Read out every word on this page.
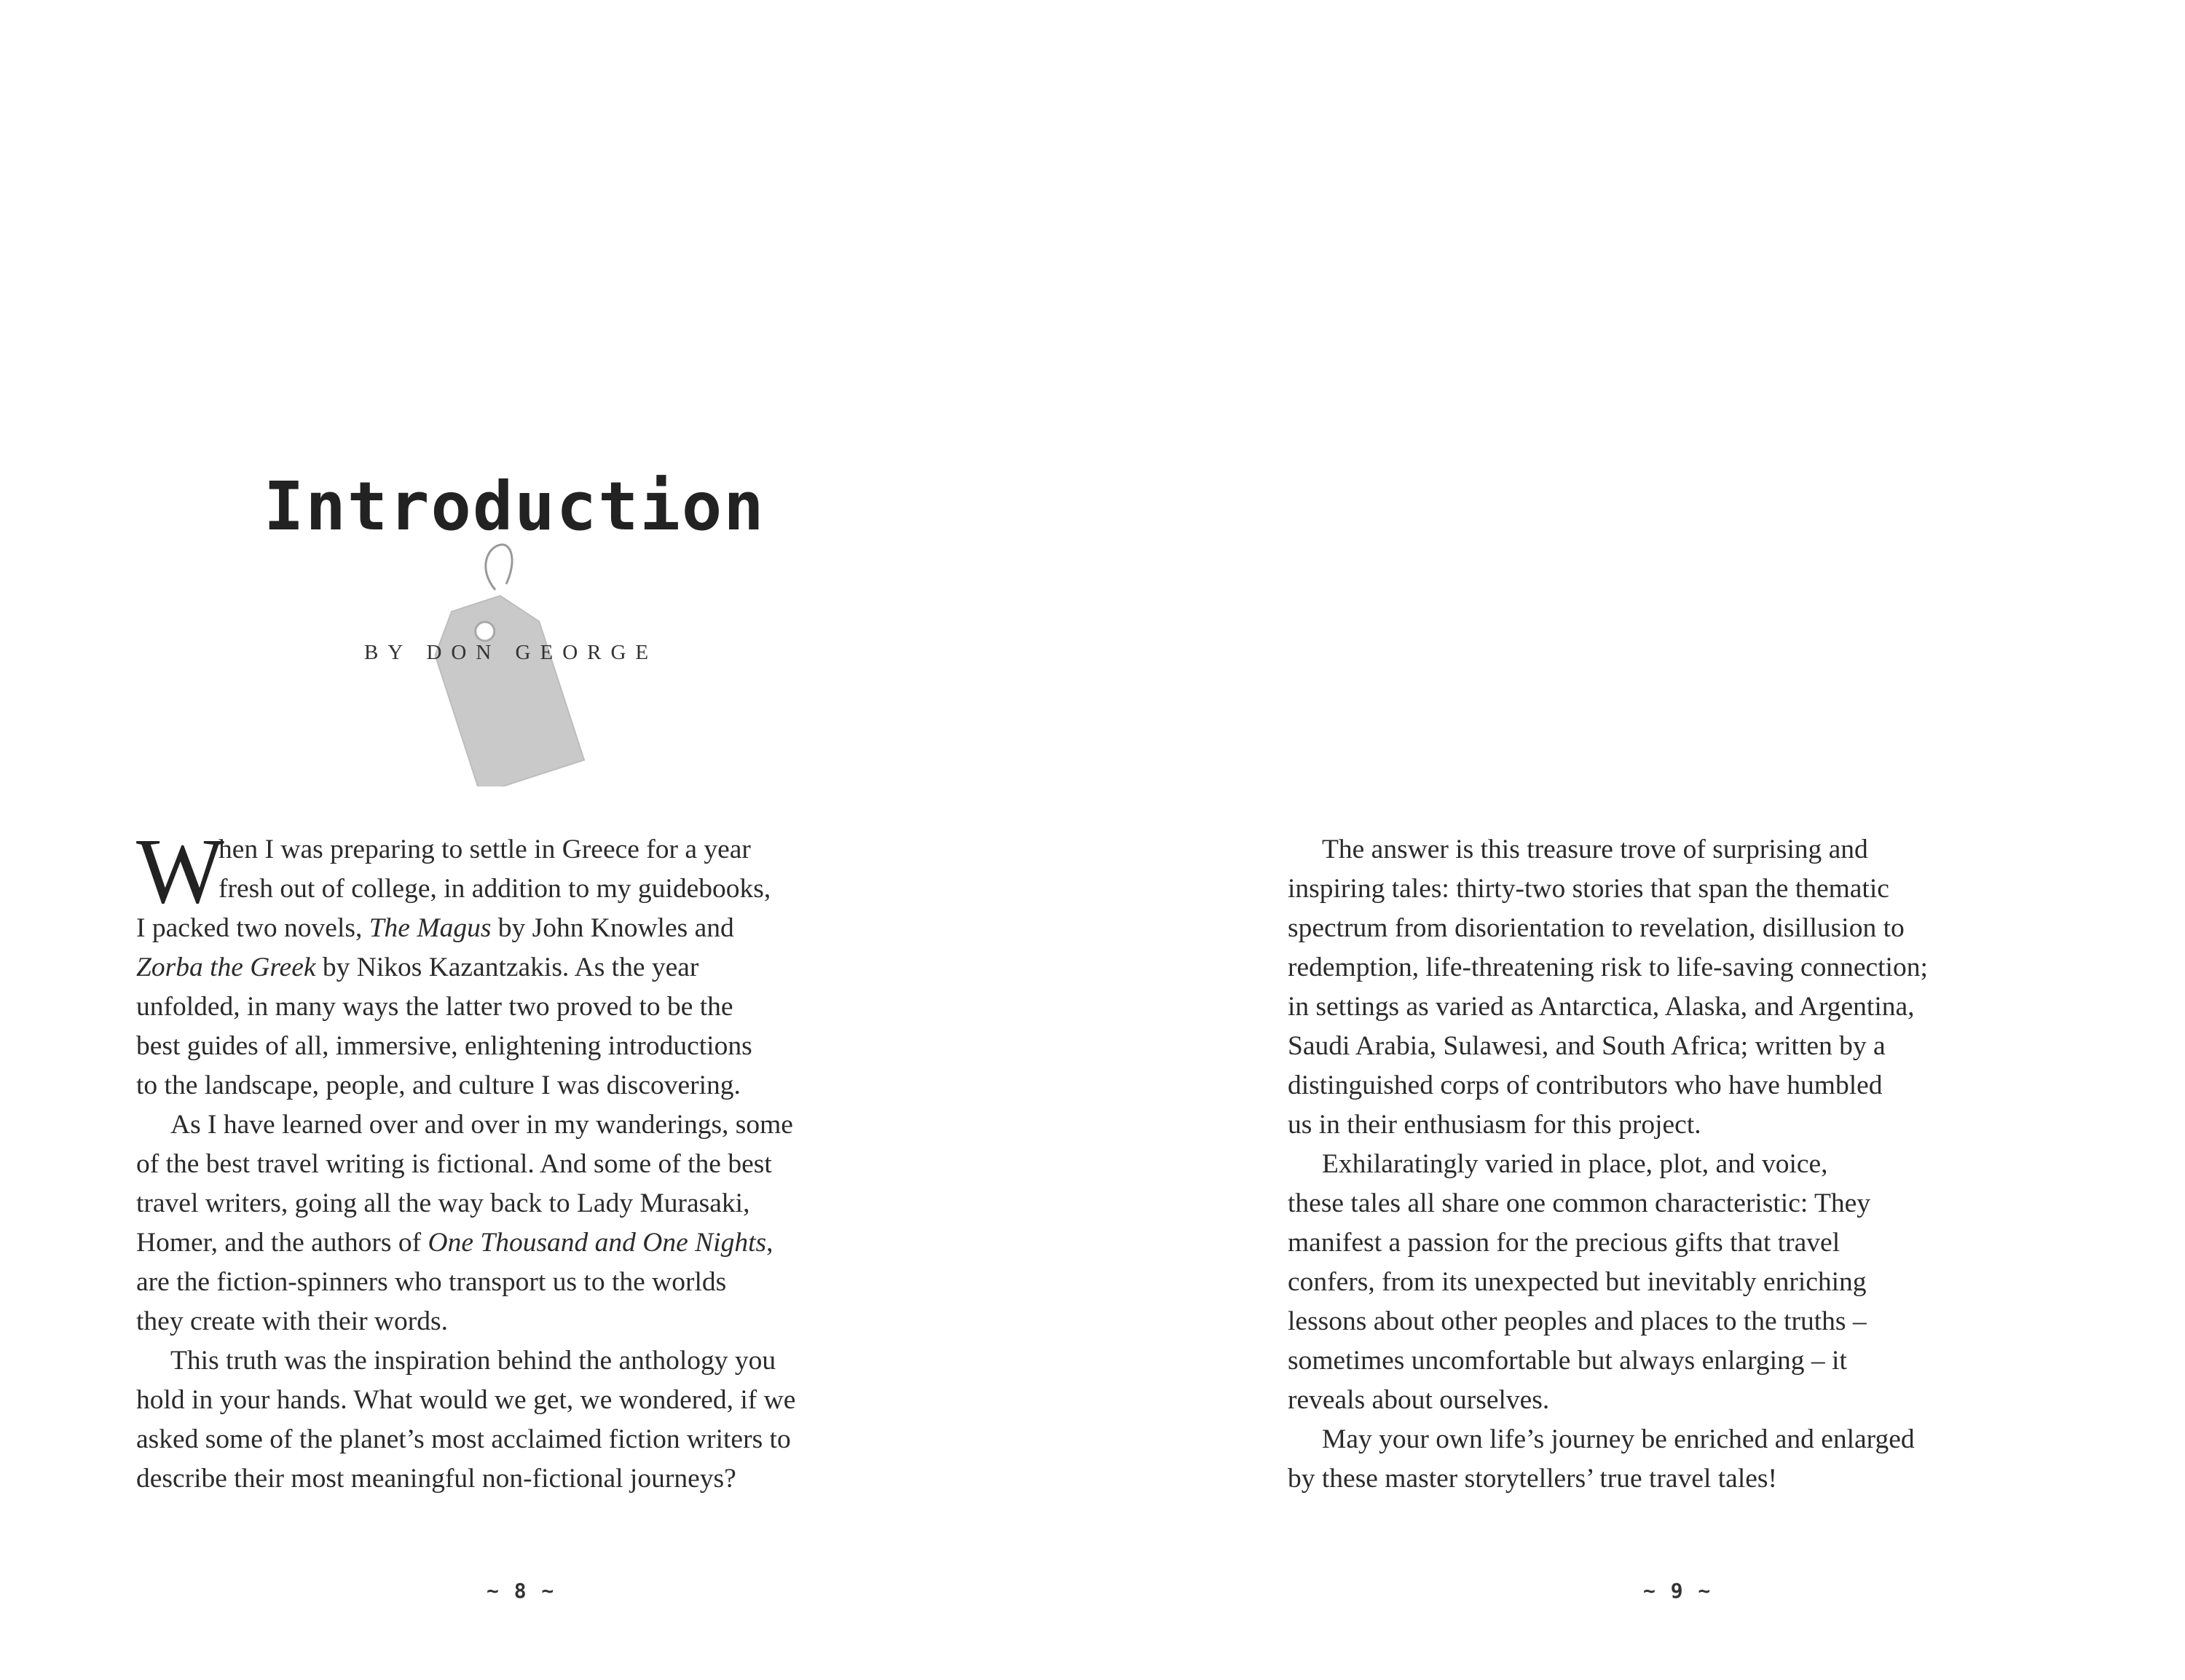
Introduction

BY DON GEORGE

W
hen I was preparing to settle in Greece for a year
fresh out of college, in addition to my guidebooks,
I packed two novels, The Magus by John Knowles and
Zorba the Greek by Nikos Kazantzakis. As the year
unfolded, in many ways the latter two proved to be the
best guides of all, immersive, enlightening introductions
to the landscape, people, and culture I was discovering.
As I have learned over and over in my wanderings, some
of the best travel writing is fictional. And some of the best
travel writers, going all the way back to Lady Murasaki,
Homer, and the authors of One Thousand and One Nights,
are the fiction-spinners who transport us to the worlds
they create with their words.
This truth was the inspiration behind the anthology you
hold in your hands. What would we get, we wondered, if we
asked some of the planet’s most acclaimed fiction writers to
describe their most meaningful non-fictional journeys?
~ 8 ~
The answer is this treasure trove of surprising and
inspiring tales: thirty-two stories that span the thematic
spectrum from disorientation to revelation, disillusion to
redemption, life-threatening risk to life-saving connection;
in settings as varied as Antarctica, Alaska, and Argentina,
Saudi Arabia, Sulawesi, and South Africa; written by a
distinguished corps of contributors who have humbled
us in their enthusiasm for this project.
Exhilaratingly varied in place, plot, and voice,
these tales all share one common characteristic: They
manifest a passion for the precious gifts that travel
confers, from its unexpected but inevitably enriching
lessons about other peoples and places to the truths –
sometimes uncomfortable but always enlarging – it
reveals about ourselves.
May your own life’s journey be enriched and enlarged
by these master storytellers’ true travel tales!
~ 9 ~
